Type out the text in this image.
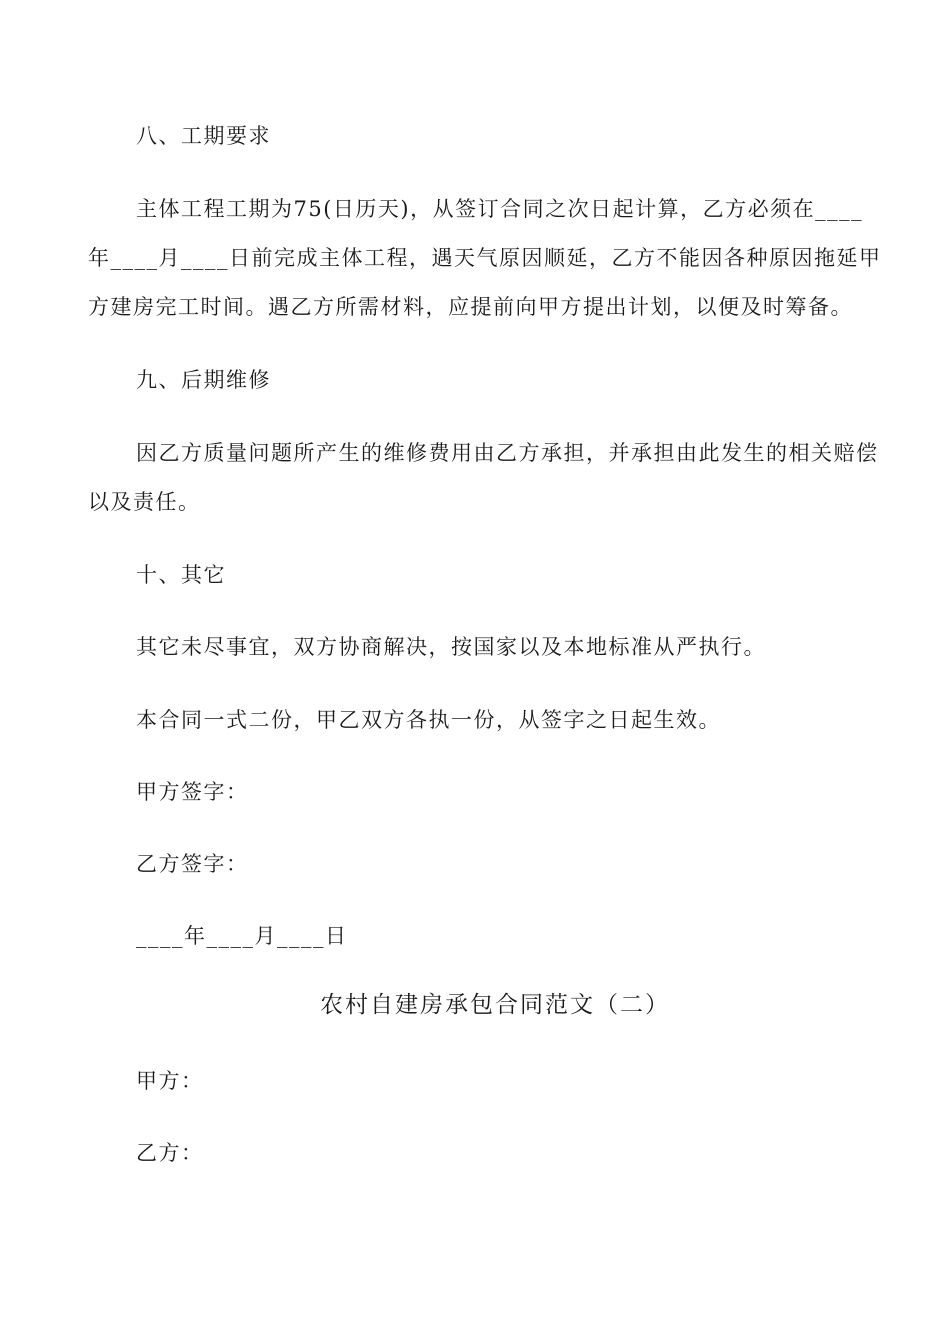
八、工期要求
主体工程工期为75(日历天)，从签订合同之次日起计算，乙方必须在____
年____月____日前完成主体工程，遇天气原因顺延，乙方不能因各种原因拖延甲
方建房完工时间。遇乙方所需材料，应提前向甲方提出计划，以便及时筹备。
九、后期维修
因乙方质量问题所产生的维修费用由乙方承担，并承担由此发生的相关赔偿
以及责任。
十、其它
其它未尽事宜，双方协商解决，按国家以及本地标准从严执行。
本合同一式二份，甲乙双方各执一份，从签字之日起生效。
甲方签字：
乙方签字：
____年____月____日
农村自建房承包合同范文（二）
甲方：
乙方：
